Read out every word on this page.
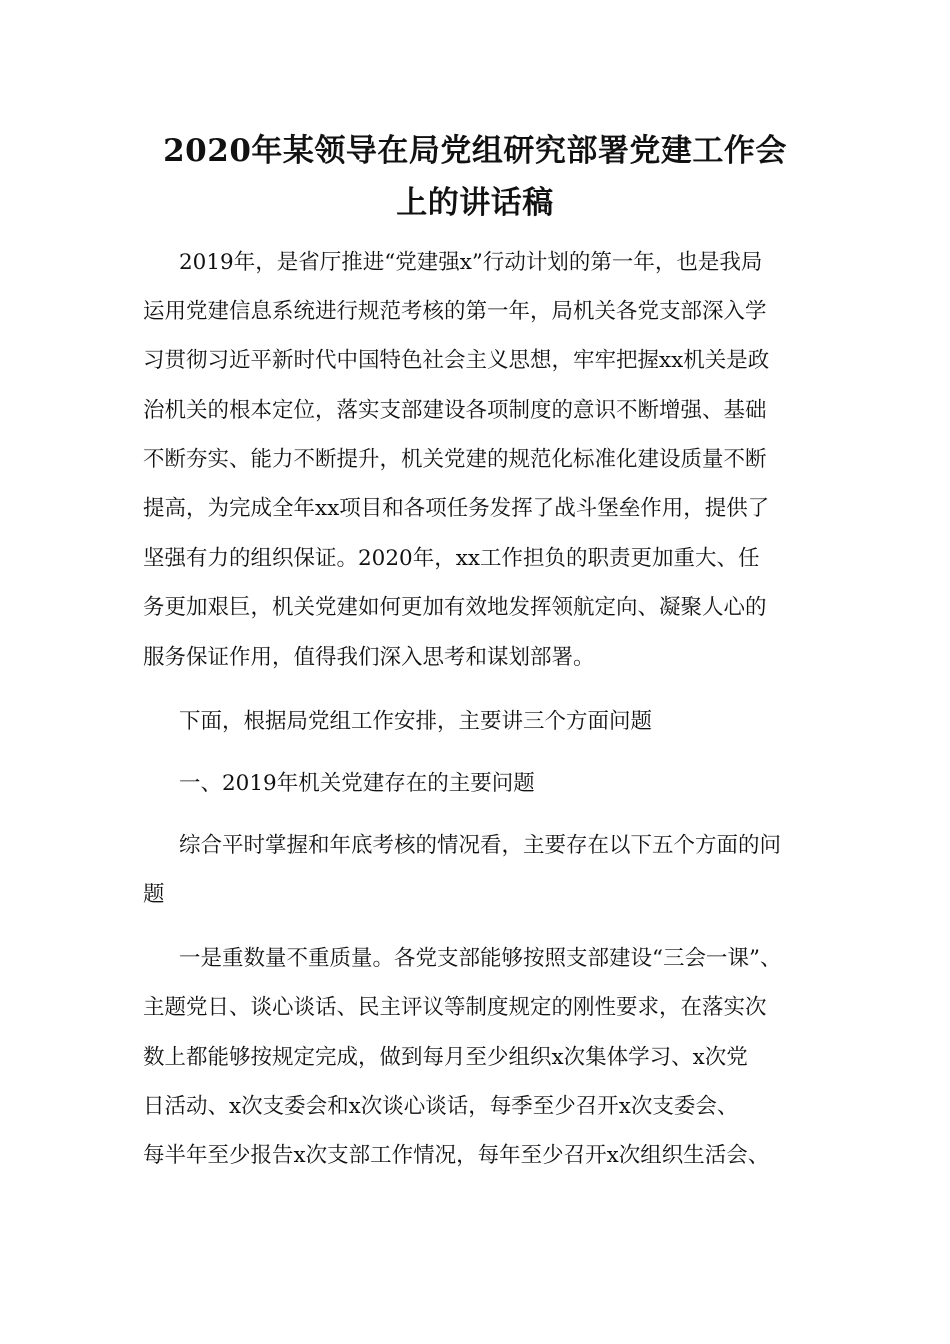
2020年某领导在局党组研究部署党建工作会
上的讲话稿
2019年，是省厅推进“党建强x”行动计划的第一年，也是我局
运用党建信息系统进行规范考核的第一年，局机关各党支部深入学
习贯彻习近平新时代中国特色社会主义思想，牢牢把握xx机关是政
治机关的根本定位，落实支部建设各项制度的意识不断增强、基础
不断夯实、能力不断提升，机关党建的规范化标准化建设质量不断
提高，为完成全年xx项目和各项任务发挥了战斗堡垒作用，提供了
坚强有力的组织保证。2020年，xx工作担负的职责更加重大、任
务更加艰巨，机关党建如何更加有效地发挥领航定向、凝聚人心的
服务保证作用，值得我们深入思考和谋划部署。
下面，根据局党组工作安排，主要讲三个方面问题
一、2019年机关党建存在的主要问题
综合平时掌握和年底考核的情况看，主要存在以下五个方面的问
题
一是重数量不重质量。各党支部能够按照支部建设“三会一课”、
主题党日、谈心谈话、民主评议等制度规定的刚性要求，在落实次
数上都能够按规定完成，做到每月至少组织x次集体学习、x次党
日活动、x次支委会和x次谈心谈话，每季至少召开x次支委会、
每半年至少报告x次支部工作情况，每年至少召开x次组织生活会、
